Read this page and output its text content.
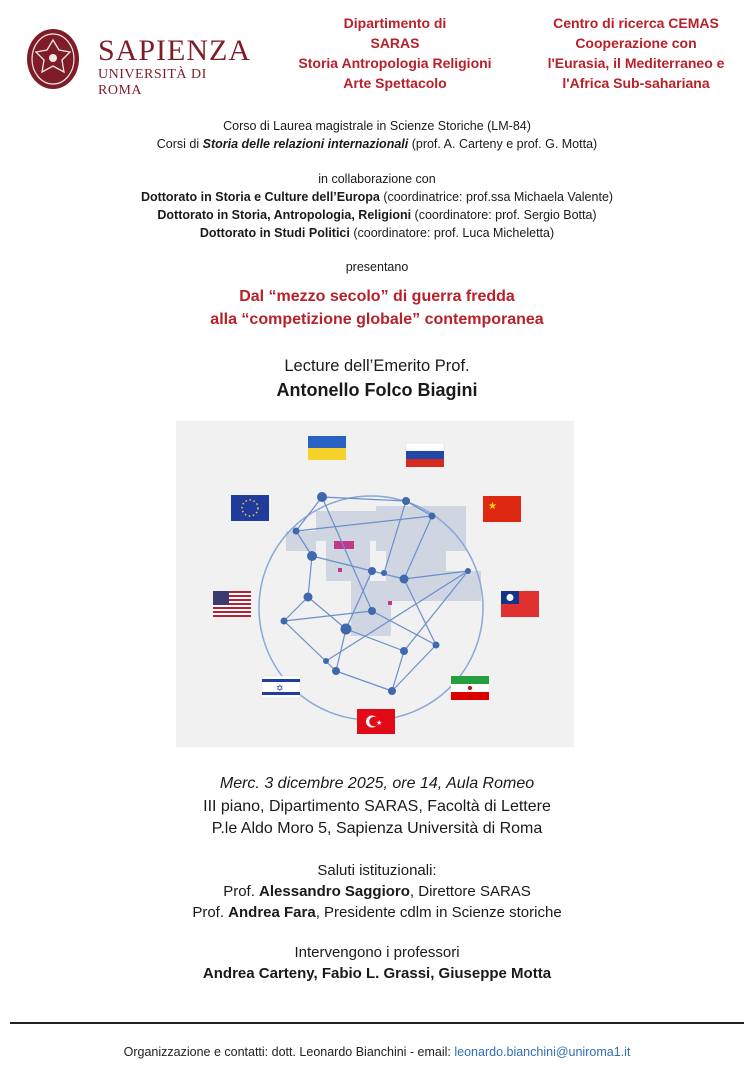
SAPIENZA
UNIVERSITÀ DI ROMA
Dipartimento di
SARAS
Storia Antropologia Religioni
Arte Spettacolo
Centro di ricerca CEMAS
Cooperazione con
l'Eurasia, il Mediterraneo e
l'Africa Sub-sahariana
Corso di Laurea magistrale in Scienze Storiche (LM-84)
Corsi di Storia delle relazioni internazionali (prof. A. Carteny e prof. G. Motta)
in collaborazione con
Dottorato in Storia e Culture dell’Europa (coordinatrice: prof.ssa Michaela Valente)
Dottorato in Storia, Antropologia, Religioni (coordinatore: prof. Sergio Botta)
Dottorato in Studi Politici (coordinatore: prof. Luca Micheletta)
presentano
Dal “mezzo secolo” di guerra fredda
alla “competizione globale” contemporanea
Lecture dell’Emerito Prof.
Antonello Folco Biagini
★
✡
★
Merc. 3 dicembre 2025, ore 14, Aula Romeo
III piano, Dipartimento SARAS, Facoltà di Lettere
P.le Aldo Moro 5, Sapienza Università di Roma
Saluti istituzionali:
Prof. Alessandro Saggioro, Direttore SARAS
Prof. Andrea Fara, Presidente cdlm in Scienze storiche
Intervengono i professori
Andrea Carteny, Fabio L. Grassi, Giuseppe Motta
Organizzazione e contatti: dott. Leonardo Bianchini - email: leonardo.bianchini@uniroma1.it
